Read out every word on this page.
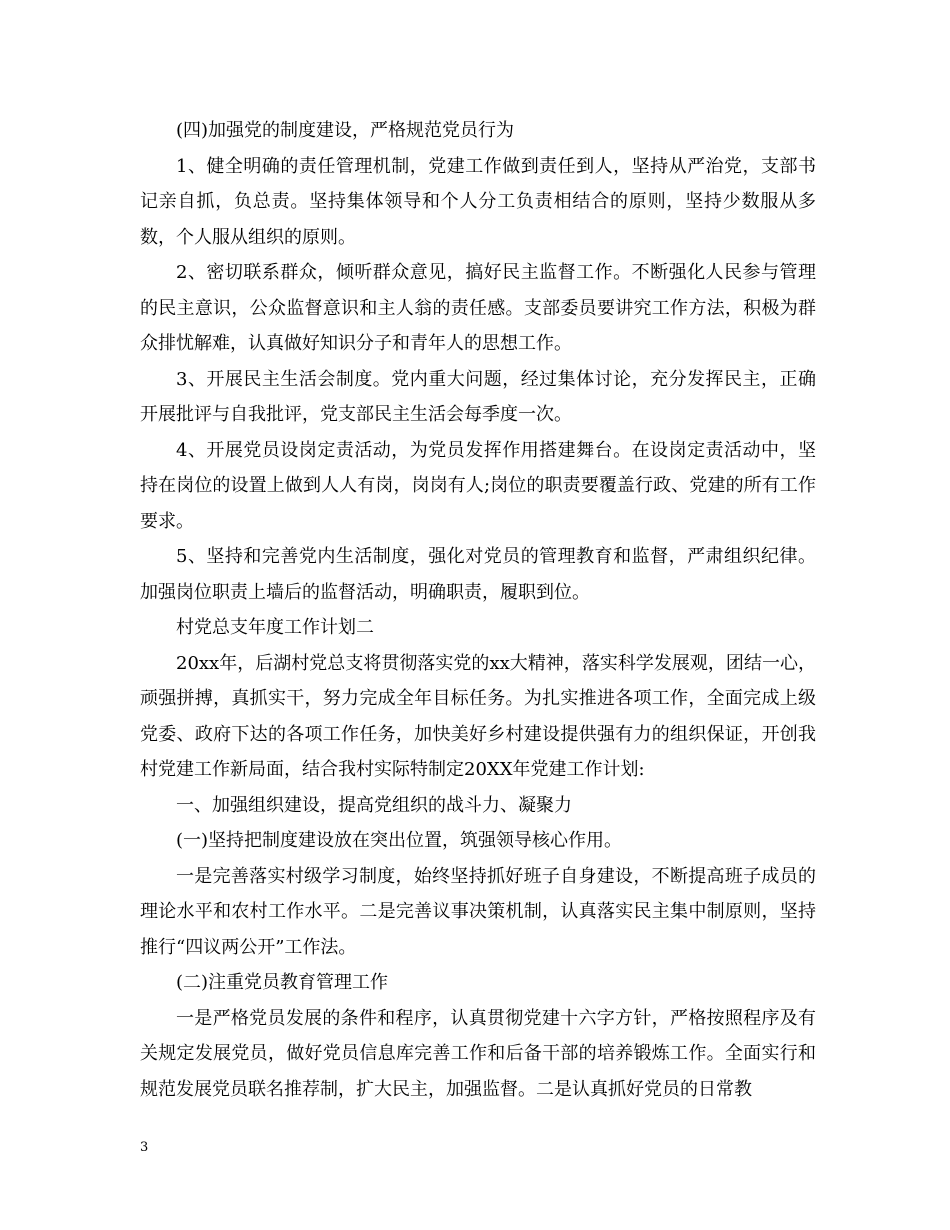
(四)加强党的制度建设，严格规范党员行为

1、健全明确的责任管理机制，党建工作做到责任到人，坚持从严治党，支部书记亲自抓，负总责。坚持集体领导和个人分工负责相结合的原则，坚持少数服从多数，个人服从组织的原则。

2、密切联系群众，倾听群众意见，搞好民主监督工作。不断强化人民参与管理的民主意识，公众监督意识和主人翁的责任感。支部委员要讲究工作方法，积极为群众排忧解难，认真做好知识分子和青年人的思想工作。

3、开展民主生活会制度。党内重大问题，经过集体讨论，充分发挥民主，正确开展批评与自我批评，党支部民主生活会每季度一次。

4、开展党员设岗定责活动，为党员发挥作用搭建舞台。在设岗定责活动中，坚持在岗位的设置上做到人人有岗，岗岗有人;岗位的职责要覆盖行政、党建的所有工作要求。

5、坚持和完善党内生活制度，强化对党员的管理教育和监督，严肃组织纪律。加强岗位职责上墙后的监督活动，明确职责，履职到位。

村党总支年度工作计划二

20xx年，后湖村党总支将贯彻落实党的xx大精神，落实科学发展观，团结一心，顽强拼搏，真抓实干，努力完成全年目标任务。为扎实推进各项工作，全面完成上级党委、政府下达的各项工作任务，加快美好乡村建设提供强有力的组织保证，开创我村党建工作新局面，结合我村实际特制定20XX年党建工作计划:

一、加强组织建设，提高党组织的战斗力、凝聚力

(一)坚持把制度建设放在突出位置，筑强领导核心作用。

一是完善落实村级学习制度，始终坚持抓好班子自身建设，不断提高班子成员的理论水平和农村工作水平。二是完善议事决策机制，认真落实民主集中制原则，坚持推行“四议两公开”工作法。

(二)注重党员教育管理工作

一是严格党员发展的条件和程序，认真贯彻党建十六字方针，严格按照程序及有关规定发展党员，做好党员信息库完善工作和后备干部的培养锻炼工作。全面实行和规范发展党员联名推荐制，扩大民主，加强监督。二是认真抓好党员的日常教

3
